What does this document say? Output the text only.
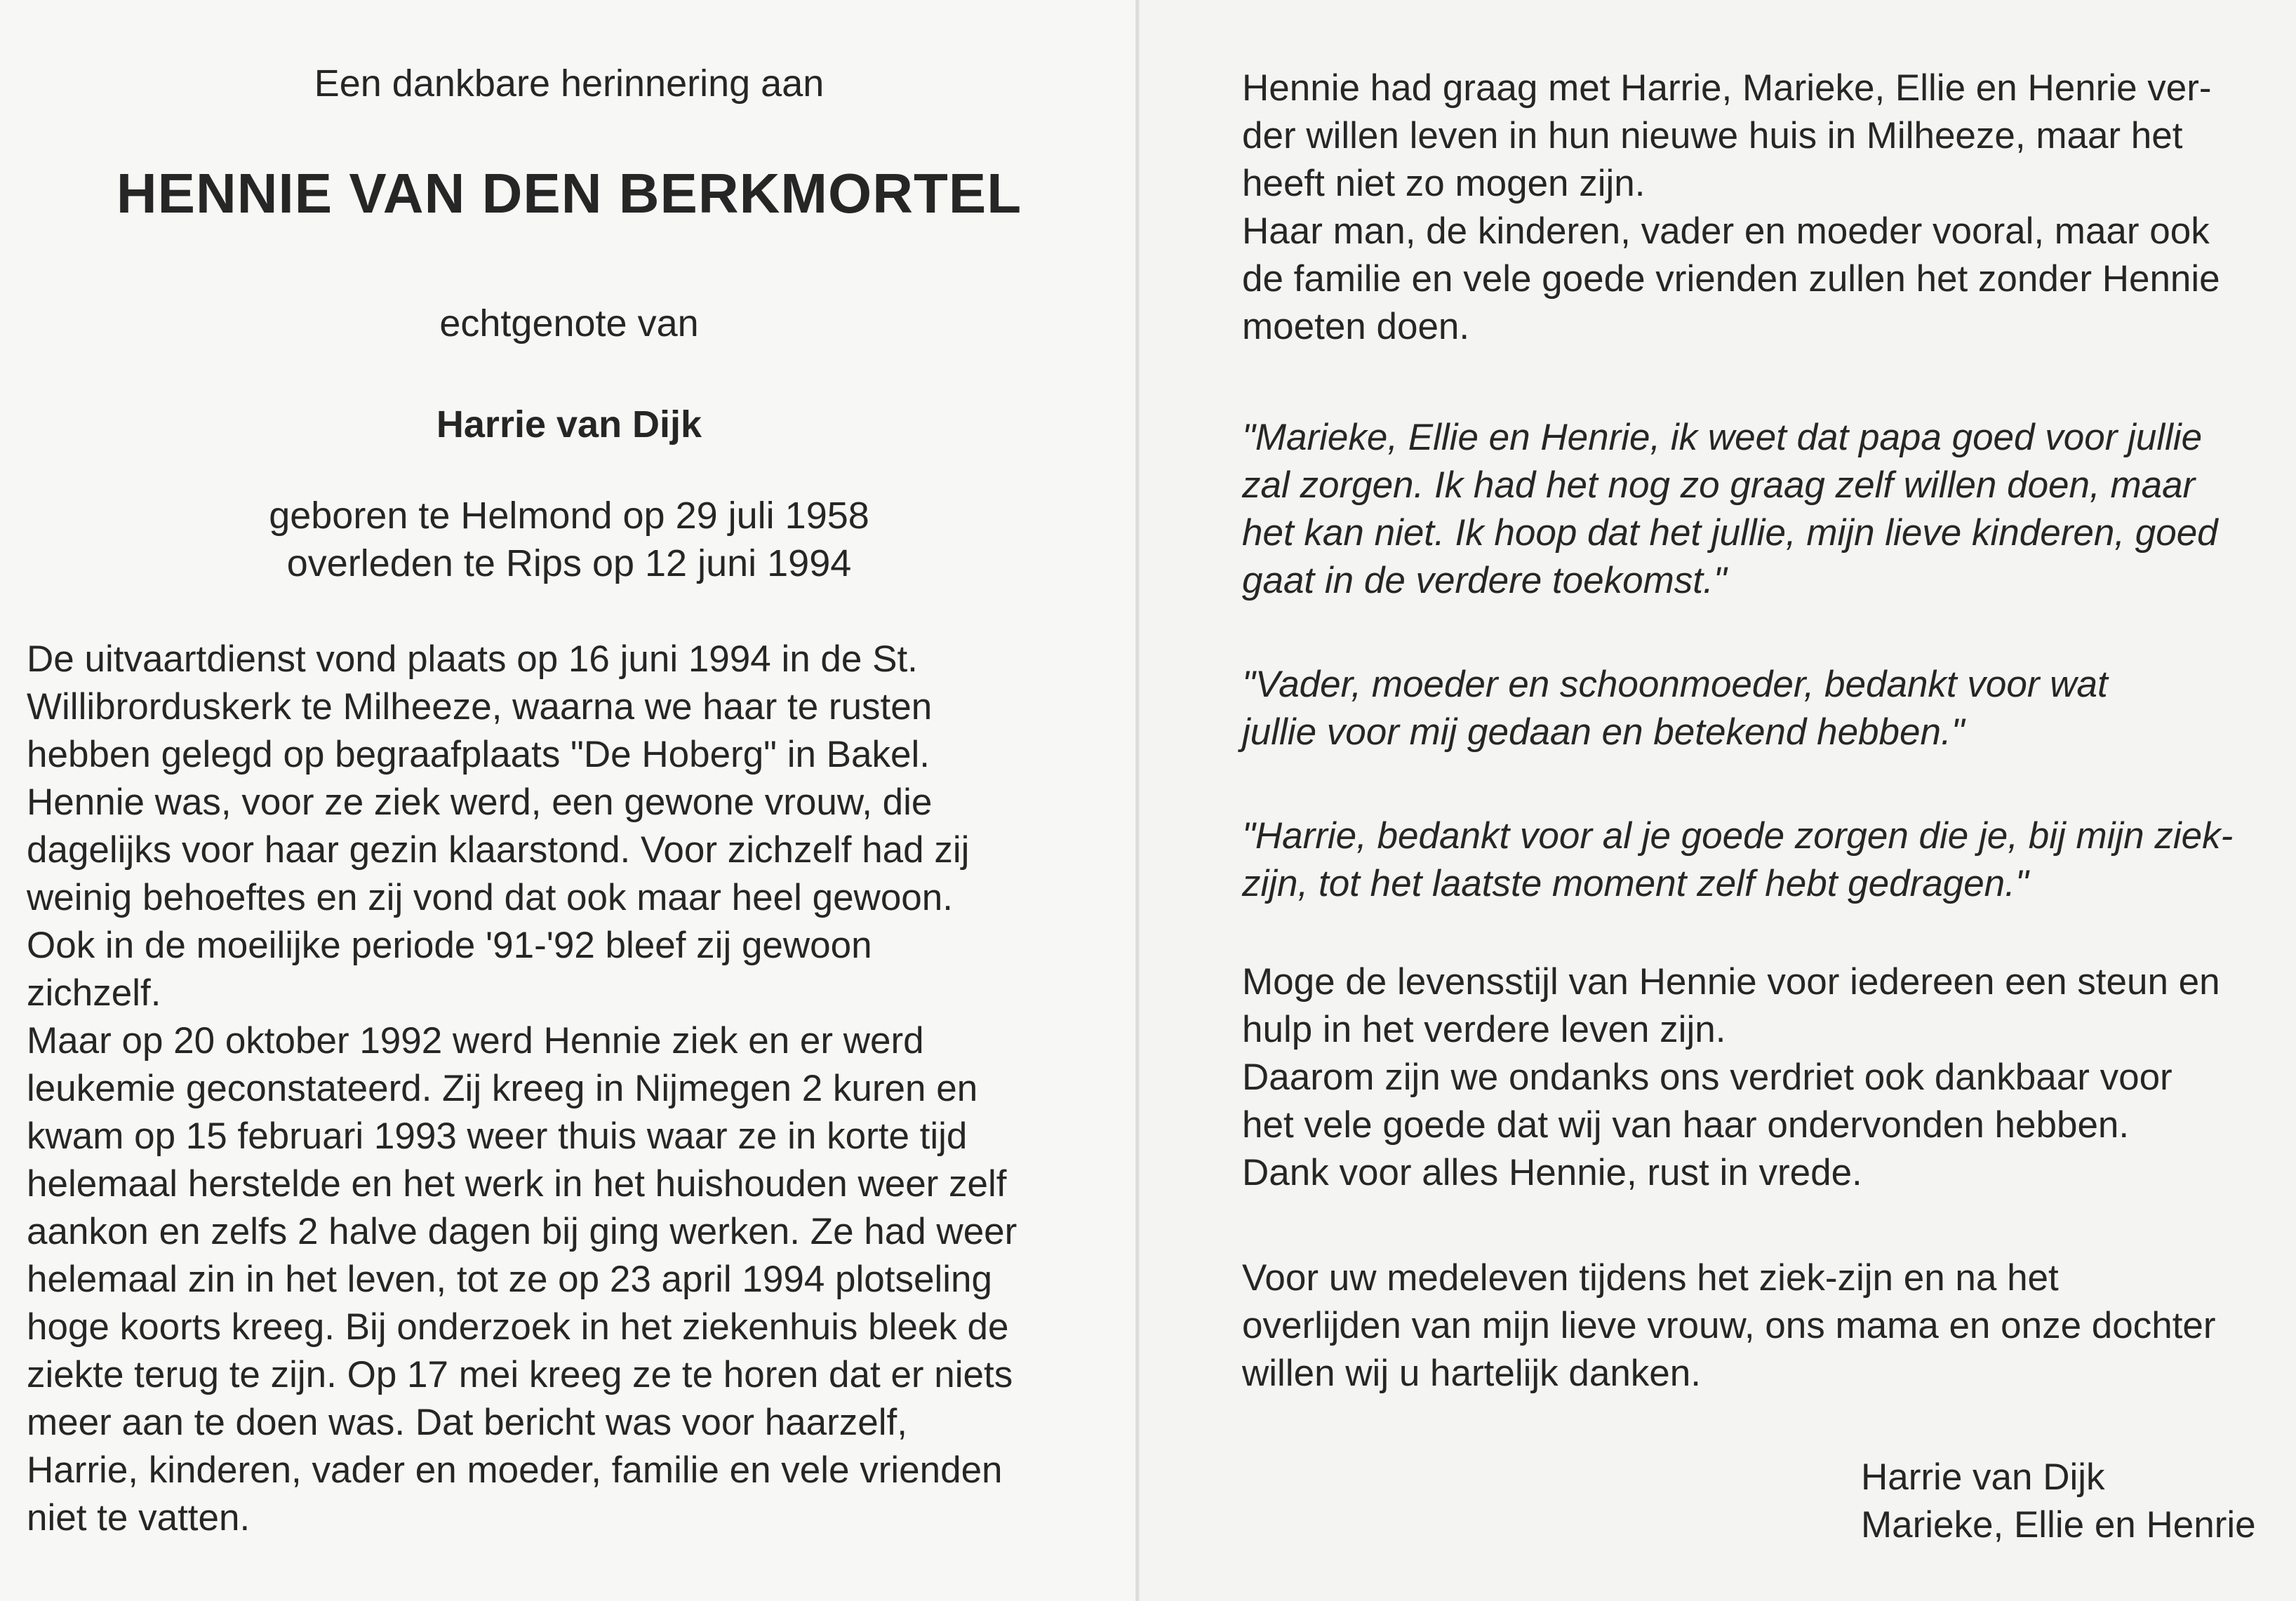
Een dankbare herinnering aan

HENNIE VAN DEN BERKMORTEL

echtgenote van

Harrie van Dijk

geboren te Helmond op 29 juli 1958

overleden te Rips op 12 juni 1994

De uitvaartdienst vond plaats op 16 juni 1994 in de St.
Willibrorduskerk te Milheeze, waarna we haar te rusten
hebben gelegd op begraafplaats "De Hoberg" in Bakel.
Hennie was, voor ze ziek werd, een gewone vrouw, die
dagelijks voor haar gezin klaarstond. Voor zichzelf had zij
weinig behoeftes en zij vond dat ook maar heel gewoon.
Ook in de moeilijke periode '91-'92 bleef zij gewoon
zichzelf.
Maar op 20 oktober 1992 werd Hennie ziek en er werd
leukemie geconstateerd. Zij kreeg in Nijmegen 2 kuren en
kwam op 15 februari 1993 weer thuis waar ze in korte tijd
helemaal herstelde en het werk in het huishouden weer zelf
aankon en zelfs 2 halve dagen bij ging werken. Ze had weer
helemaal zin in het leven, tot ze op 23 april 1994 plotseling
hoge koorts kreeg. Bij onderzoek in het ziekenhuis bleek de
ziekte terug te zijn. Op 17 mei kreeg ze te horen dat er niets
meer aan te doen was. Dat bericht was voor haarzelf,
Harrie, kinderen, vader en moeder, familie en vele vrienden
niet te vatten.
Hennie had graag met Harrie, Marieke, Ellie en Henrie ver-
der willen leven in hun nieuwe huis in Milheeze, maar het
heeft niet zo mogen zijn.
Haar man, de kinderen, vader en moeder vooral, maar ook
de familie en vele goede vrienden zullen het zonder Hennie
moeten doen.
"Marieke, Ellie en Henrie, ik weet dat papa goed voor jullie
zal zorgen. Ik had het nog zo graag zelf willen doen, maar
het kan niet. Ik hoop dat het jullie, mijn lieve kinderen, goed
gaat in de verdere toekomst."
"Vader, moeder en schoonmoeder, bedankt voor wat
jullie voor mij gedaan en betekend hebben."
"Harrie, bedankt voor al je goede zorgen die je, bij mijn ziek-
zijn, tot het laatste moment zelf hebt gedragen."
Moge de levensstijl van Hennie voor iedereen een steun en
hulp in het verdere leven zijn.
Daarom zijn we ondanks ons verdriet ook dankbaar voor
het vele goede dat wij van haar ondervonden hebben.
Dank voor alles Hennie, rust in vrede.
Voor uw medeleven tijdens het ziek-zijn en na het
overlijden van mijn lieve vrouw, ons mama en onze dochter
willen wij u hartelijk danken.
Harrie van Dijk
Marieke, Ellie en Henrie
